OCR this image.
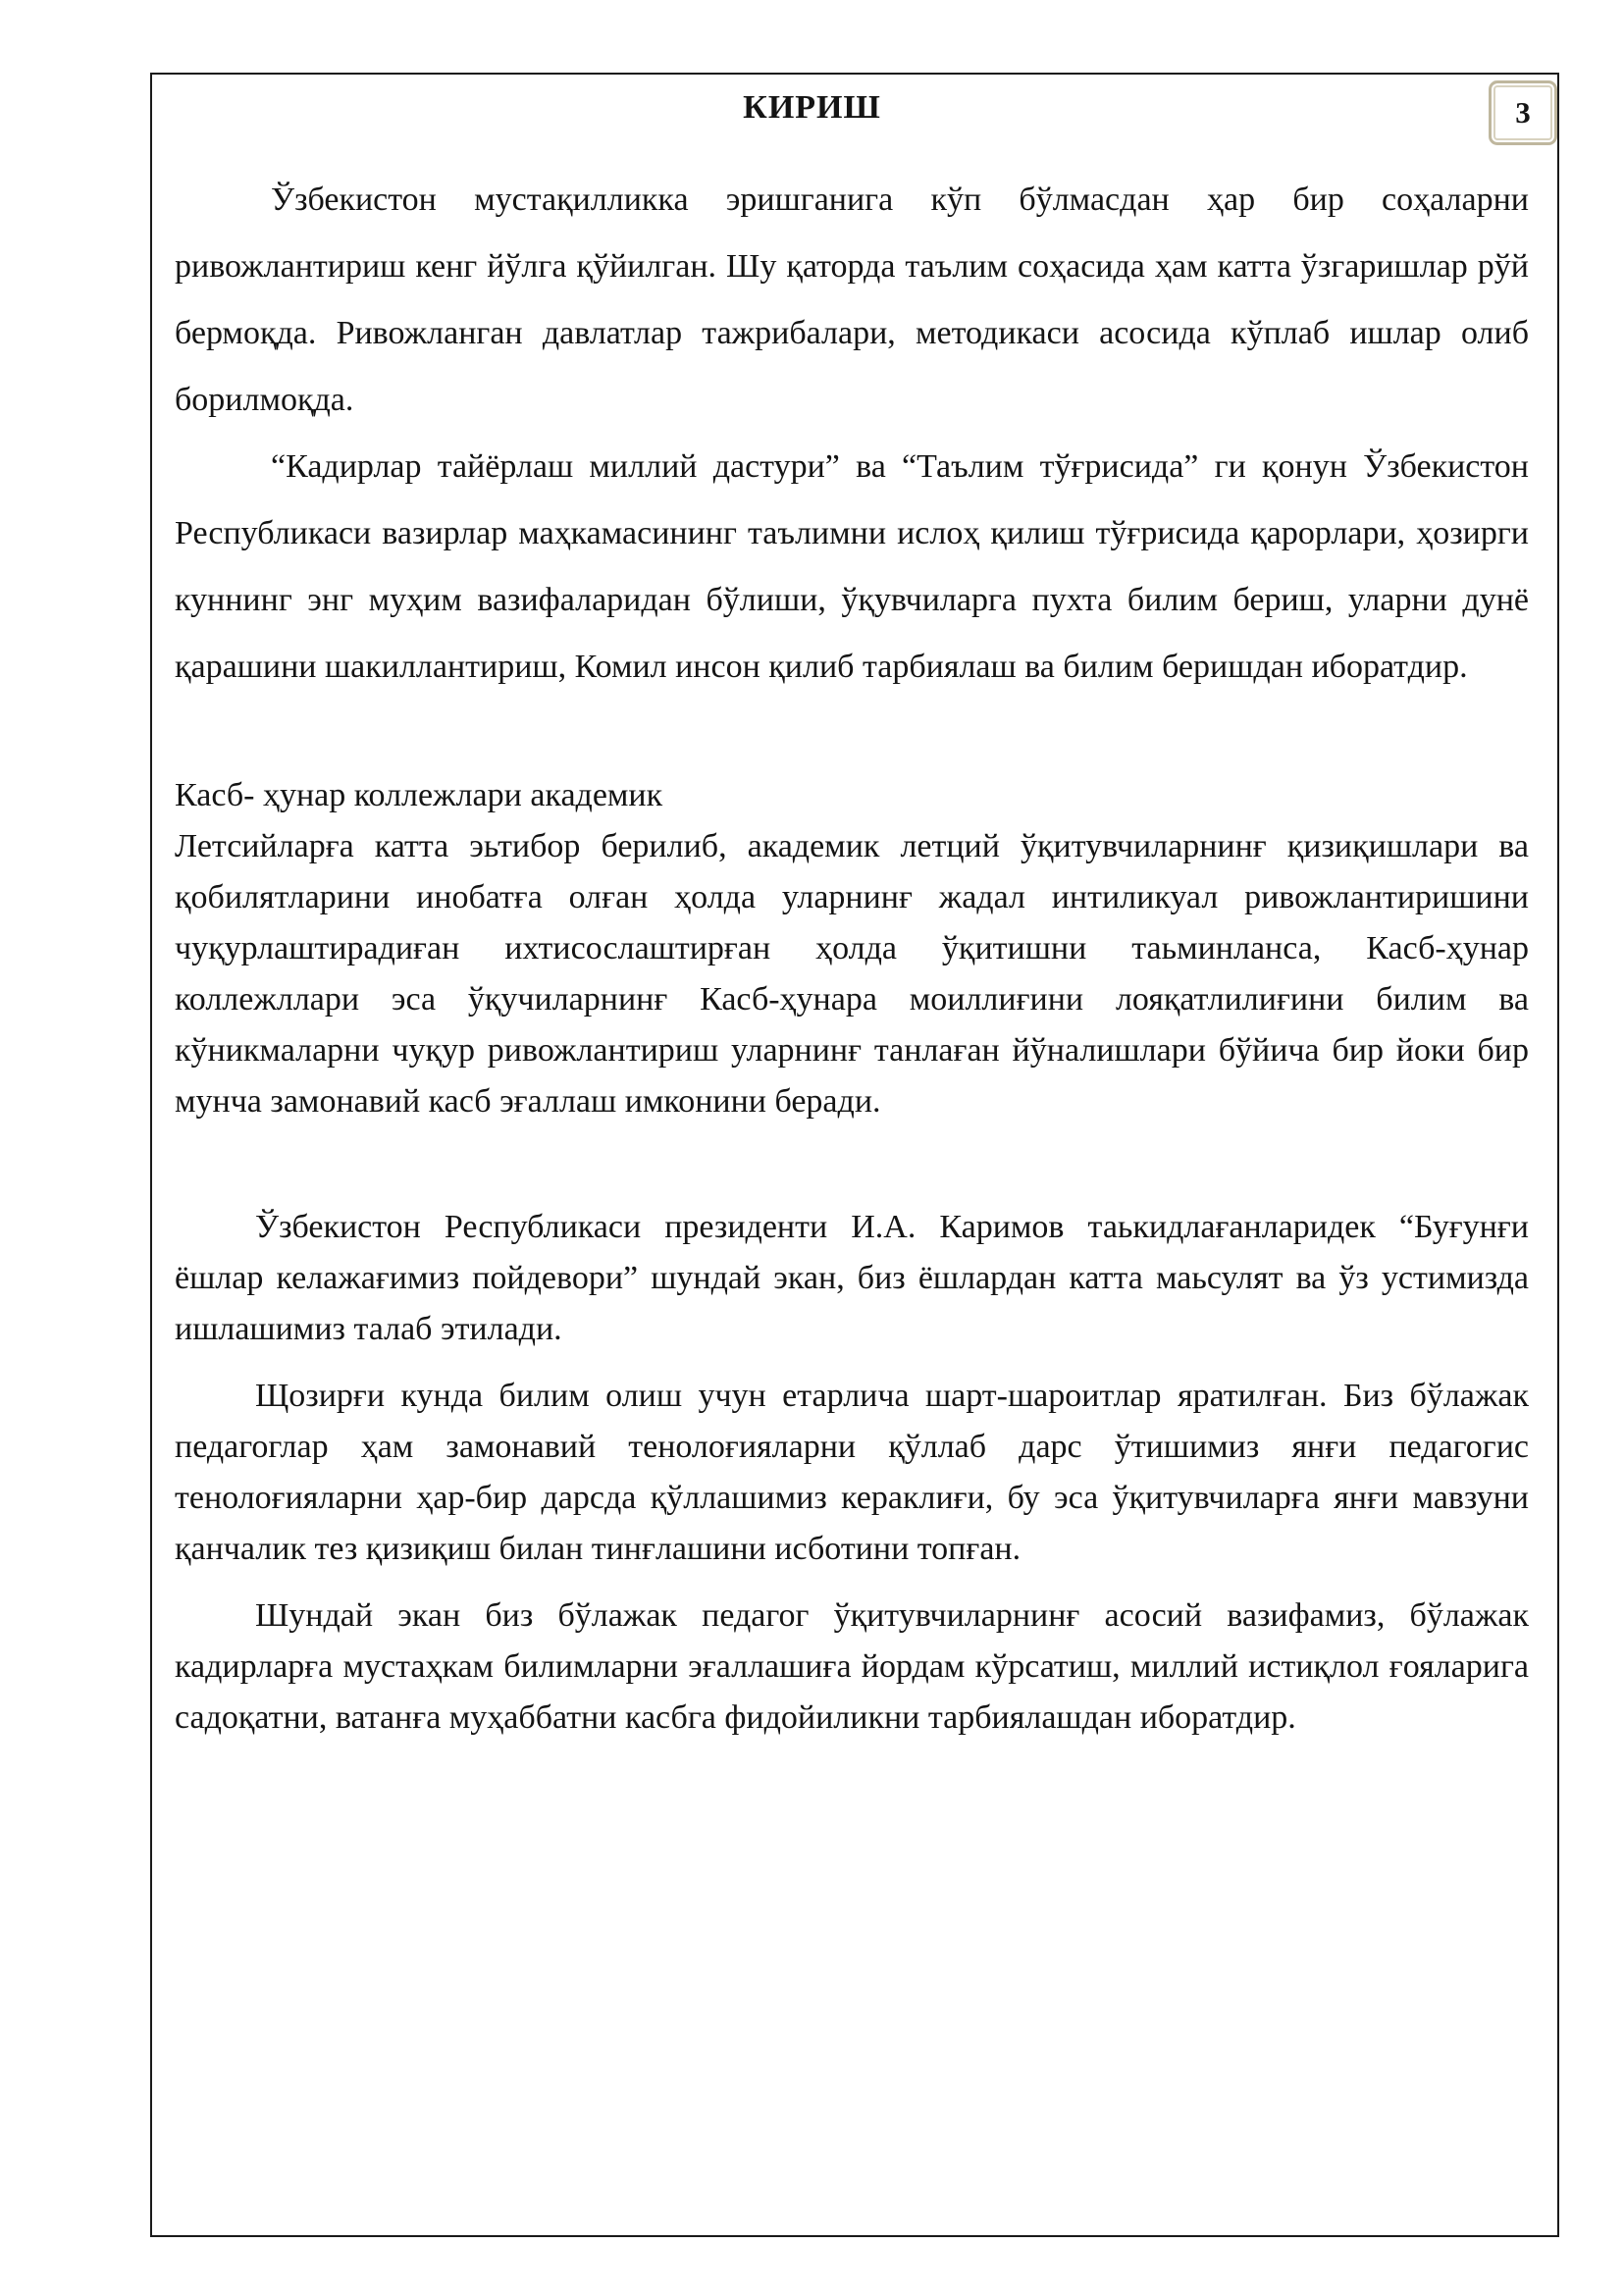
КИРИШ	3

Ўзбекистон мустақилликка эришганига кўп бўлмасдан ҳар бир соҳаларни ривожлантириш кенг йўлга қўйилган. Шу қаторда таълим соҳасида ҳам катта ўзгаришлар рўй бермоқда. Ривожланган давлатлар тажрибалари, методикаси асосида кўплаб ишлар олиб борилмоқда.

“Кадирлар тайёрлаш миллий дастури” ва “Таълим тўғрисида” ги қонун Ўзбекистон Республикаси вазирлар маҳкамасининг таълимни ислоҳ қилиш тўғрисида қарорлари, ҳозирги куннинг энг муҳим вазифаларидан бўлиши, ўқувчиларга пухта билим бериш, уларни дунё қарашини шакиллантириш, Комил инсон қилиб тарбиялаш ва билим беришдан иборатдир.

Касб- ҳунар коллежлари академик

Летсийларға катта эьтибор берилиб, академик летций ўқитувчиларнинғ қизиқишлари ва қобилятларини инобатға олған ҳолда уларнинғ жадал интиликуал ривожлантиришини чуқурлаштирадиған ихтисослаштирған ҳолда ўқитишни таьминланса, Касб-ҳунар коллежллари эса ўқучиларнинғ Касб-ҳунара моиллиғини лояқатлилиғини билим ва кўникмаларни чуқур ривожлантириш уларнинғ танлаған йўналишлари бўйича бир йоки бир мунча замонавий касб эғаллаш имконини беради.

Ўзбекистон Республикаси президенти И.А. Каримов таькидлағанларидек “Буғунғи ёшлар келажағимиз пойдевори” шундай экан, биз ёшлардан катта маьсулят ва ўз устимизда ишлашимиз талаб этилади.

Щозирғи кунда билим олиш учун етарлича шарт-шароитлар яратилған. Биз бўлажак педагоглар ҳам замонавий тенолоғияларни қўллаб дарс ўтишимиз янғи педагогис тенолоғияларни ҳар-бир дарсда қўллашимиз кераклиғи, бу эса ўқитувчиларға янғи мавзуни қанчалик тез қизиқиш билан тинғлашини исботини топған.

Шундай экан биз бўлажак педагог ўқитувчиларнинғ асосий вазифамиз, бўлажак кадирларға мустаҳкам билимларни эғаллашиға йордам кўрсатиш, миллий истиқлол ғояларига садоқатни, ватанға муҳаббатни касбга фидойиликни тарбиялашдан иборатдир.
